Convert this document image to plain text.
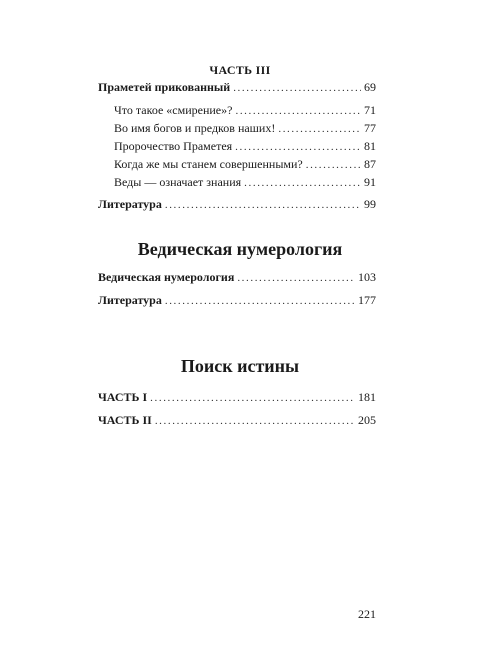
ЧАСТЬ III
Праметей прикованный .....	69
Что такое «смирение»? .....	71
Во имя богов и предков наших! .....	77
Пророчество Праметея .....	81
Когда же мы станем совершенными? .....	87
Веды — означает знания .....	91
Литература .....	99
Ведическая нумерология
Ведическая нумерология .....	103
Литература .....	177
Поиск истины
ЧАСТЬ I .....	181
ЧАСТЬ II .....	205
221
